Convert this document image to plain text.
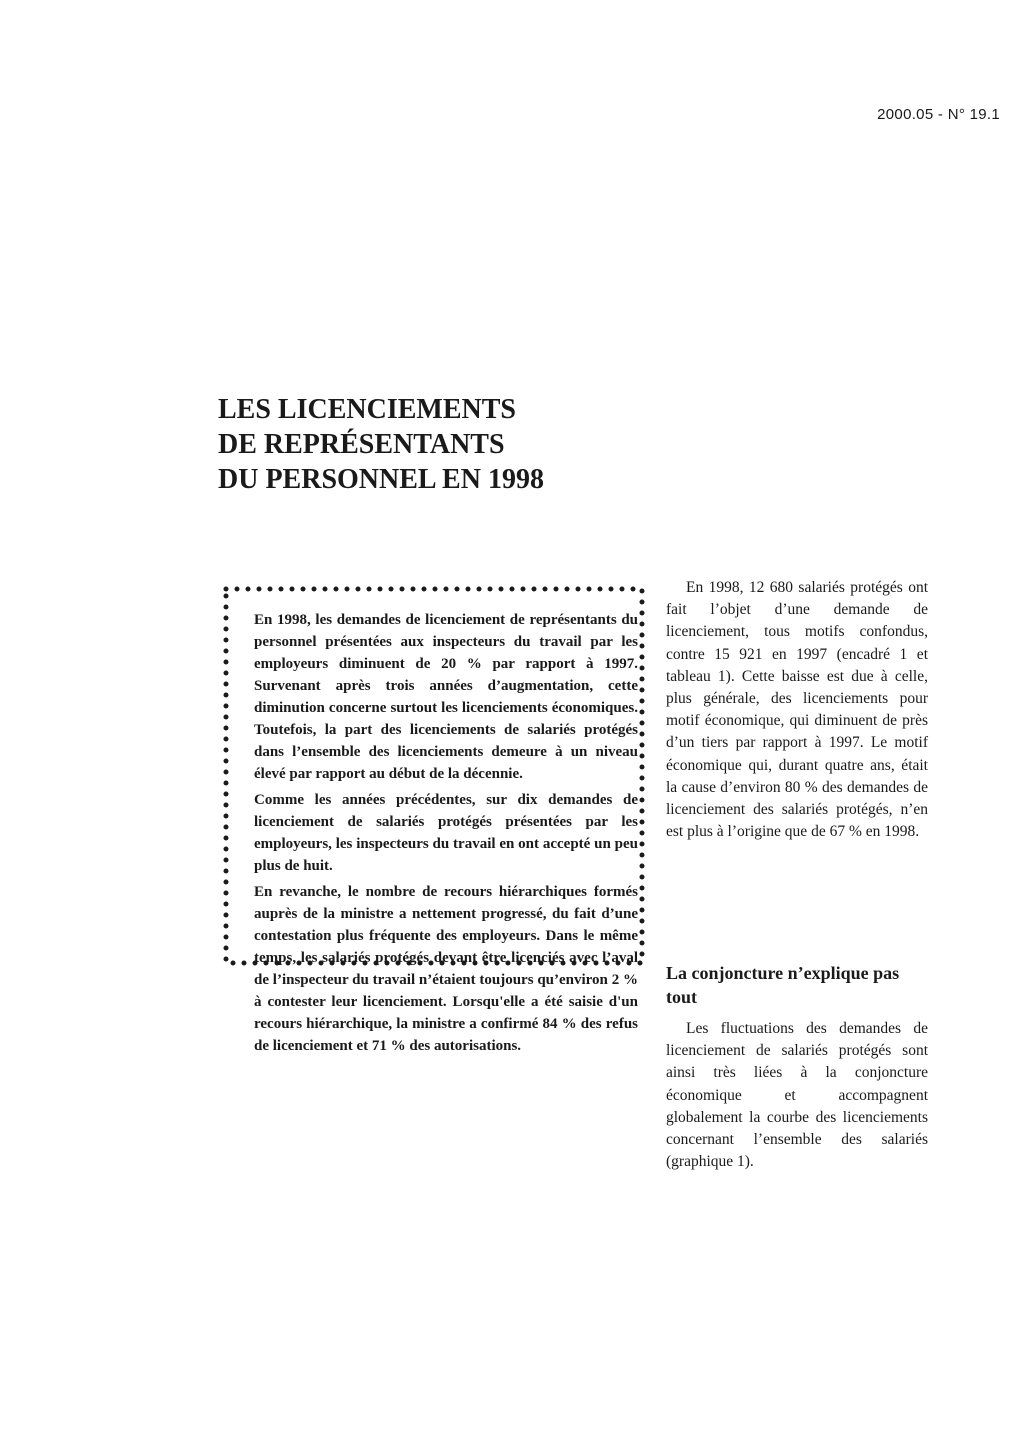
2000.05 - N° 19.1
LES LICENCIEMENTS
DE REPRÉSENTANTS
DU PERSONNEL EN 1998

En 1998, les demandes de licenciement de représentants du personnel présentées aux inspecteurs du travail par les employeurs diminuent de 20 % par rapport à 1997. Survenant après trois années d’augmentation, cette diminution concerne surtout les licenciements économiques. Toutefois, la part des licenciements de salariés protégés dans l’ensemble des licenciements demeure à un niveau élevé par rapport au début de la décennie.

Comme les années précédentes, sur dix demandes de licenciement de salariés protégés présentées par les employeurs, les inspecteurs du travail en ont accepté un peu plus de huit.

En revanche, le nombre de recours hiérarchiques formés auprès de la ministre a nettement progressé, du fait d’une contestation plus fréquente des employeurs. Dans le même temps, les salariés protégés devant être licenciés avec l’aval de l’inspecteur du travail n’étaient toujours qu’environ 2 % à contester leur licenciement. Lorsqu'elle a été saisie d'un recours hiérarchique, la ministre a confirmé 84 % des refus de licenciement et 71 % des autorisations.

En 1998, 12 680 salariés protégés ont fait l’objet d’une demande de licenciement, tous motifs confondus, contre 15 921 en 1997 (encadré 1 et tableau 1). Cette baisse est due à celle, plus générale, des licenciements pour motif économique, qui diminuent de près d’un tiers par rapport à 1997. Le motif économique qui, durant quatre ans, était la cause d’environ 80 % des demandes de licenciement des salariés protégés, n’en est plus à l’origine que de 67 % en 1998.

La conjoncture n’explique pas tout

Les fluctuations des demandes de licenciement de salariés protégés sont ainsi très liées à la conjoncture économique et accompagnent globalement la courbe des licenciements concernant l’ensemble des salariés (graphique 1).
